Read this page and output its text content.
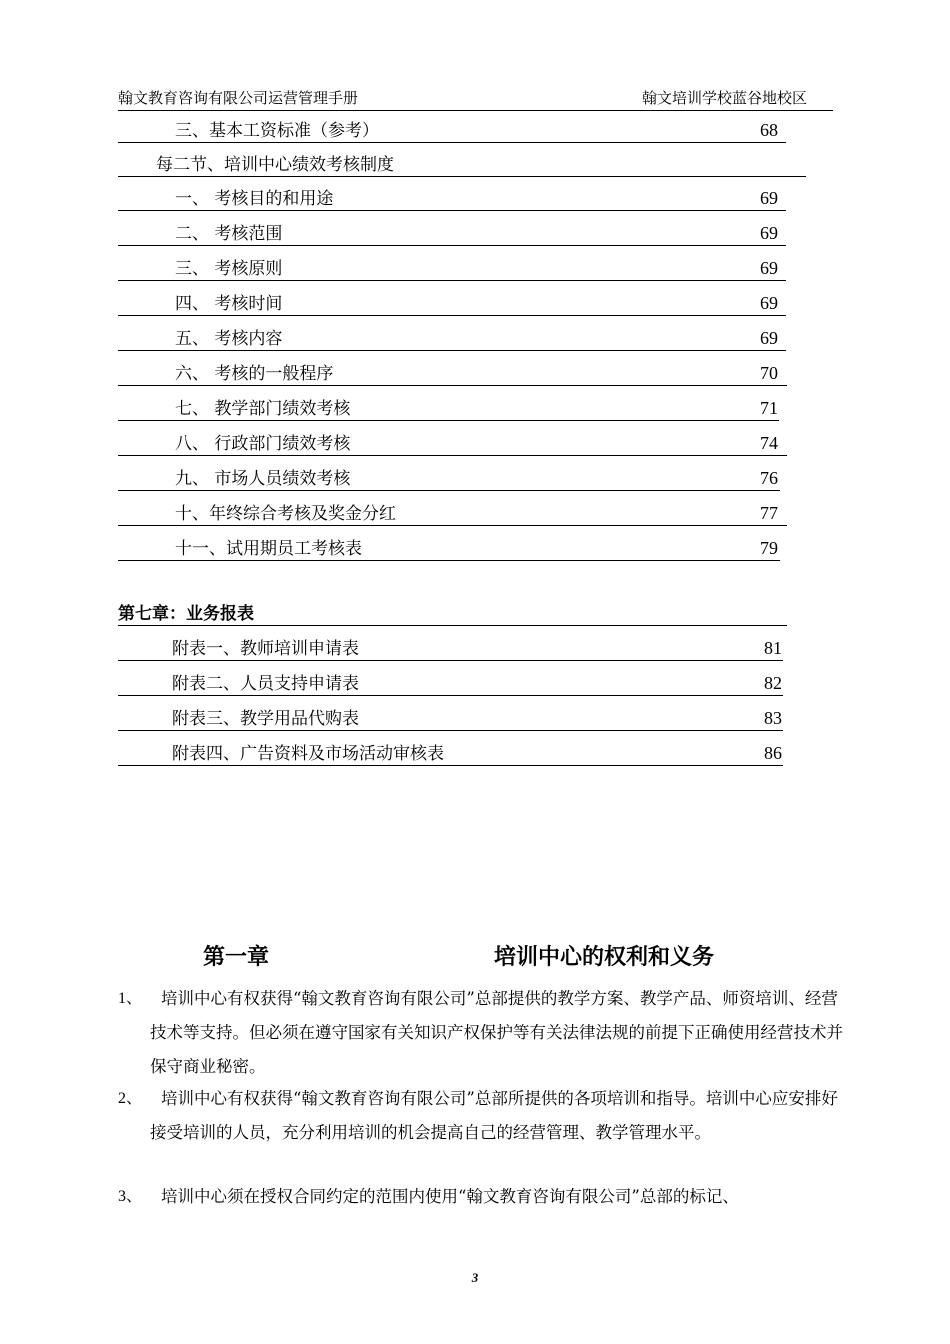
翰文教育咨询有限公司运营管理手册	翰文培训学校蓝谷地校区
三、基本工资标准（参考）	68
每二节、培训中心绩效考核制度
一、 考核目的和用途	69
二、 考核范围	69
三、 考核原则	69
四、 考核时间	69
五、 考核内容	69
六、 考核的一般程序	70
七、 教学部门绩效考核	71
八、 行政部门绩效考核	74
九、 市场人员绩效考核	76
十、年终综合考核及奖金分红	77
十一、试用期员工考核表	79
第七章：业务报表
附表一、教师培训申请表	81
附表二、人员支持申请表	82
附表三、教学用品代购表	83
附表四、广告资料及市场活动审核表	86
第一章	培训中心的权利和义务
1、	培训中心有权获得“翰文教育咨询有限公司”总部提供的教学方案、教学产品、师资培训、经营技术等支持。但必须在遵守国家有关知识产权保护等有关法律法规的前提下正确使用经营技术并保守商业秘密。
2、	培训中心有权获得“翰文教育咨询有限公司”总部所提供的各项培训和指导。培训中心应安排好接受培训的人员，充分利用培训的机会提高自己的经营管理、教学管理水平。
3、	培训中心须在授权合同约定的范围内使用“翰文教育咨询有限公司”总部的标记、
3
